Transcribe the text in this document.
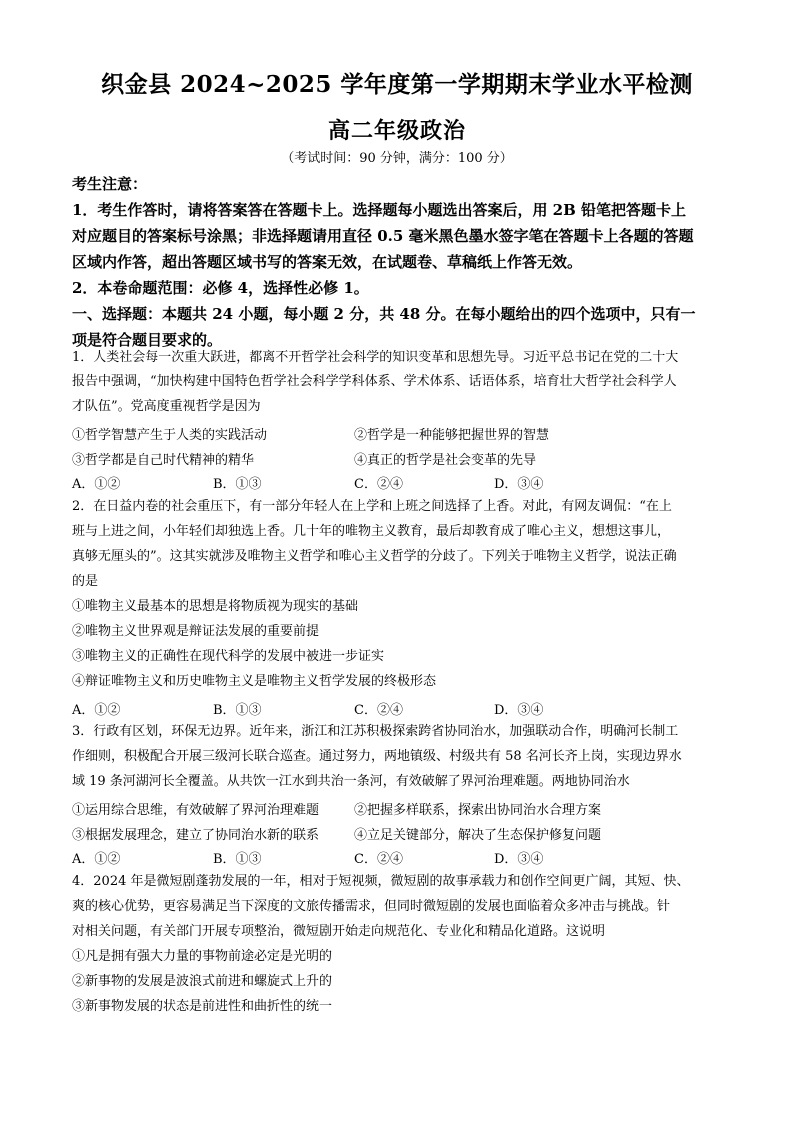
织金县 2024~2025 学年度第一学期期末学业水平检测
高二年级政治
（考试时间：90 分钟，满分：100 分）
考生注意：
1．考生作答时，请将答案答在答题卡上。选择题每小题选出答案后，用 2B 铅笔把答题卡上
对应题目的答案标号涂黑；非选择题请用直径 0.5 毫米黑色墨水签字笔在答题卡上各题的答题
区域内作答，超出答题区域书写的答案无效，在试题卷、草稿纸上作答无效。
2．本卷命题范围：必修 4，选择性必修 1。
一、选择题：本题共 24 小题，每小题 2 分，共 48 分。在每小题给出的四个选项中，只有一
项是符合题目要求的。
1．人类社会每一次重大跃进，都离不开哲学社会科学的知识变革和思想先导。习近平总书记在党的二十大
报告中强调，“加快构建中国特色哲学社会科学学科体系、学术体系、话语体系，培育壮大哲学社会科学人
才队伍”。党高度重视哲学是因为
①哲学智慧产生于人类的实践活动	②哲学是一种能够把握世界的智慧
③哲学都是自己时代精神的精华	④真正的哲学是社会变革的先导
A．①②	B．①③	C．②④	D．③④
2．在日益内卷的社会重压下，有一部分年轻人在上学和上班之间选择了上香。对此，有网友调侃：“在上
班与上进之间，小年轻们却独选上香。几十年的唯物主义教育，最后却教育成了唯心主义，想想这事儿，
真够无厘头的”。这其实就涉及唯物主义哲学和唯心主义哲学的分歧了。下列关于唯物主义哲学，说法正确
的是
①唯物主义最基本的思想是将物质视为现实的基础
②唯物主义世界观是辩证法发展的重要前提
③唯物主义的正确性在现代科学的发展中被进一步证实
④辩证唯物主义和历史唯物主义是唯物主义哲学发展的终极形态
A．①②	B．①③	C．②④	D．③④
3．行政有区划，环保无边界。近年来，浙江和江苏积极探索跨省协同治水，加强联动合作，明确河长制工
作细则，积极配合开展三级河长联合巡查。通过努力，两地镇级、村级共有 58 名河长齐上岗，实现边界水
域 19 条河湖河长全覆盖。从共饮一江水到共治一条河，有效破解了界河治理难题。两地协同治水
①运用综合思维，有效破解了界河治理难题	②把握多样联系，探索出协同治水合理方案
③根据发展理念，建立了协同治水新的联系	④立足关键部分，解决了生态保护修复问题
A．①②	B．①③	C．②④	D．③④
4．2024 年是微短剧蓬勃发展的一年，相对于短视频，微短剧的故事承载力和创作空间更广阔，其短、快、
爽的核心优势，更容易满足当下深度的文旅传播需求，但同时微短剧的发展也面临着众多冲击与挑战。针
对相关问题，有关部门开展专项整治，微短剧开始走向规范化、专业化和精品化道路。这说明
①凡是拥有强大力量的事物前途必定是光明的
②新事物的发展是波浪式前进和螺旋式上升的
③新事物发展的状态是前进性和曲折性的统一
